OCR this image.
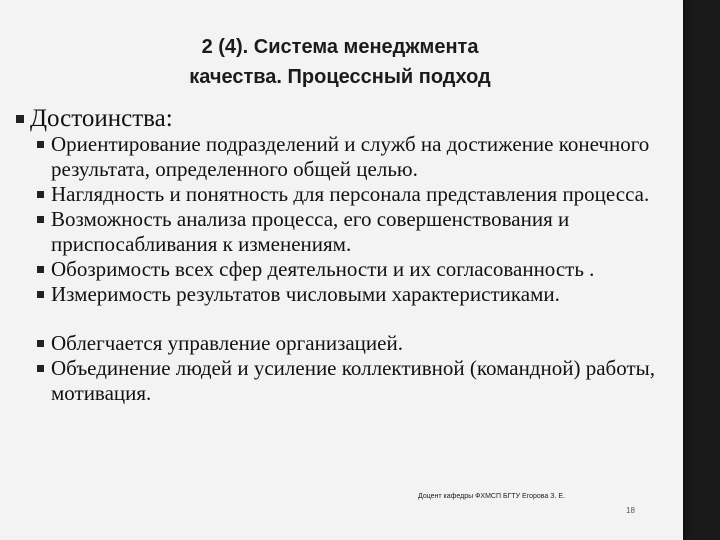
2 (4). Система менеджмента
качества. Процессный подход
Достоинства:
Ориентирование подразделений и служб на достижение конечного результата, определенного общей целью.
Наглядность и понятность для персонала представления процесса.
Возможность анализа процесса, его совершенствования и приспосабливания к изменениям.
Обозримость всех сфер деятельности и их согласованность .
Измеримость результатов числовыми характеристиками.
Облегчается управление организацией.
Объединение людей и усиление коллективной (командной) работы, мотивация.
Доцент кафедры ФХМСП БГТУ Егорова З. Е.
18
